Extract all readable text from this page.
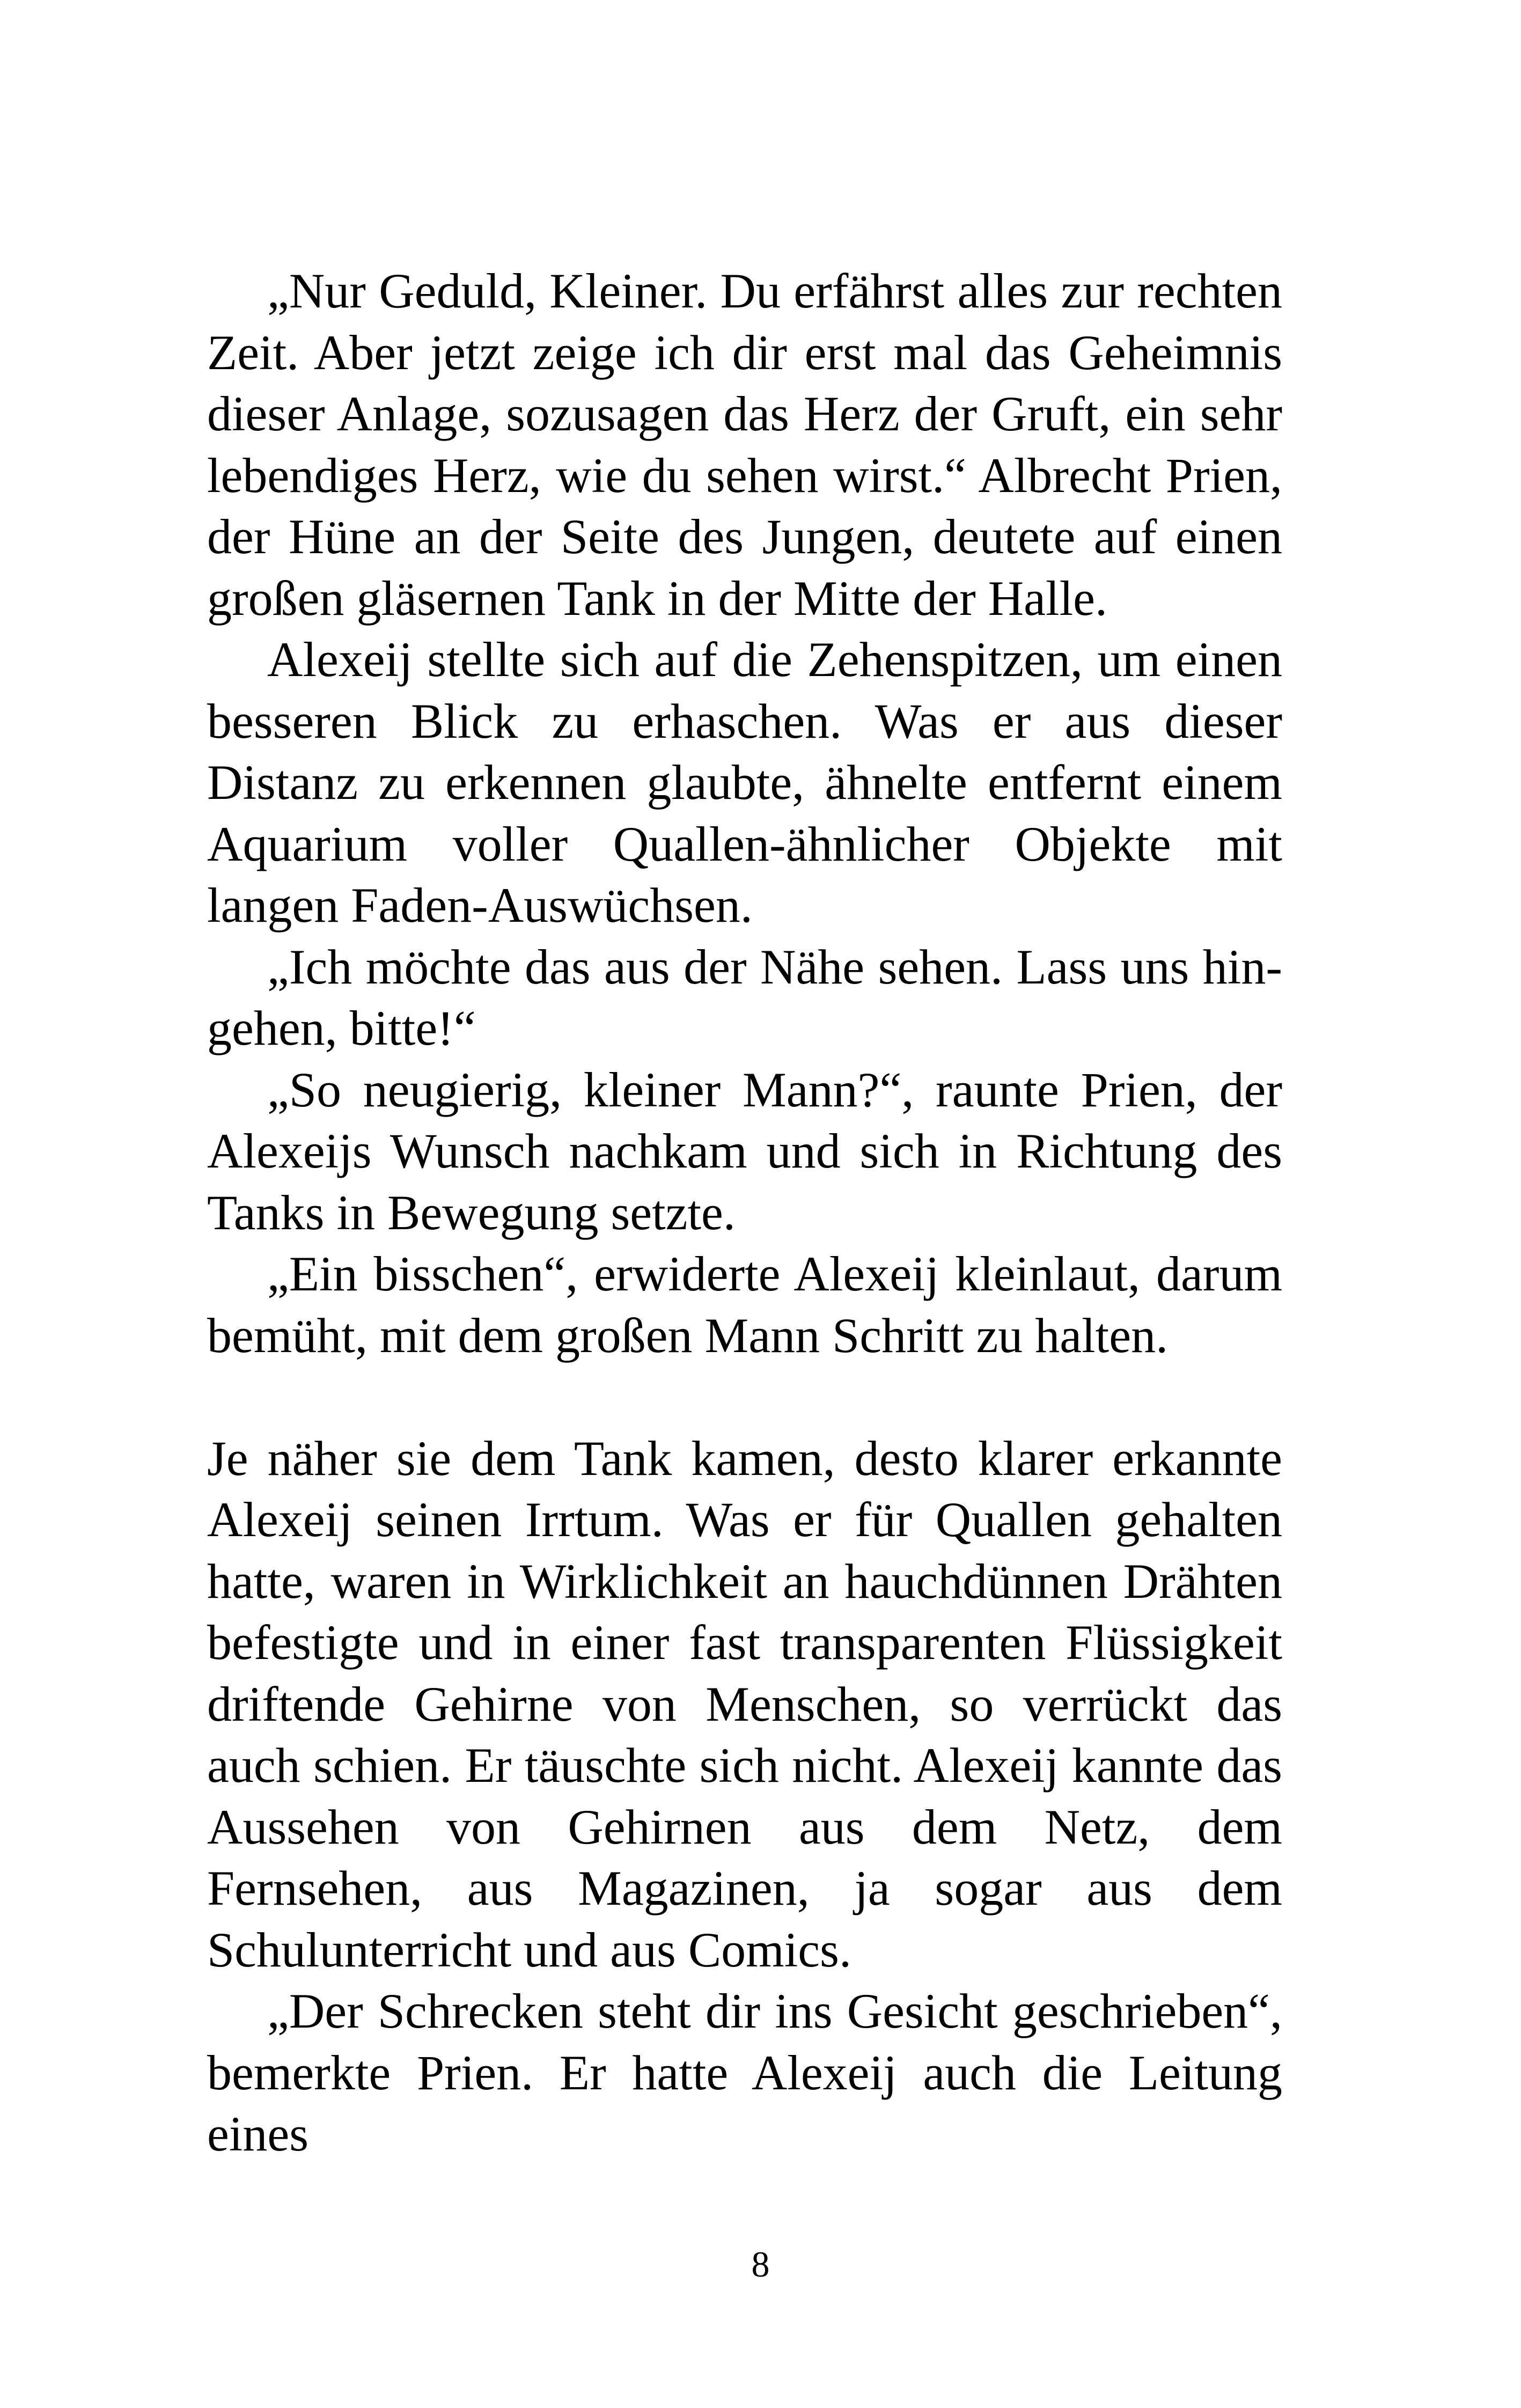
„Nur Geduld, Kleiner. Du erfährst alles zur rechten Zeit. Aber jetzt zeige ich dir erst mal das Geheimnis dieser Anlage, sozusagen das Herz der Gruft, ein sehr lebendiges Herz, wie du sehen wirst.“ Albrecht Prien, der Hüne an der Seite des Jungen, deutete auf einen großen gläsernen Tank in der Mitte der Halle.

Alexeij stellte sich auf die Zehenspitzen, um einen besseren Blick zu erhaschen. Was er aus dieser Distanz zu erkennen glaubte, ähnelte entfernt einem Aquarium voller Quallen-ähnlicher Objekte mit langen Faden-Auswüchsen.

„Ich möchte das aus der Nähe sehen. Lass uns hingehen, bitte!“

„So neugierig, kleiner Mann?“, raunte Prien, der Alexeijs Wunsch nachkam und sich in Richtung des Tanks in Bewegung setzte.

„Ein bisschen“, erwiderte Alexeij kleinlaut, darum bemüht, mit dem großen Mann Schritt zu halten.

Je näher sie dem Tank kamen, desto klarer erkannte Alexeij seinen Irrtum. Was er für Quallen gehalten hatte, waren in Wirklichkeit an hauchdünnen Drähten befestigte und in einer fast transparenten Flüssigkeit driftende Gehirne von Menschen, so verrückt das auch schien. Er täuschte sich nicht. Alexeij kannte das Aussehen von Gehirnen aus dem Netz, dem Fernsehen, aus Magazinen, ja sogar aus dem Schulunterricht und aus Comics.

„Der Schrecken steht dir ins Gesicht geschrieben“, bemerkte Prien. Er hatte Alexeij auch die Leitung eines

8
